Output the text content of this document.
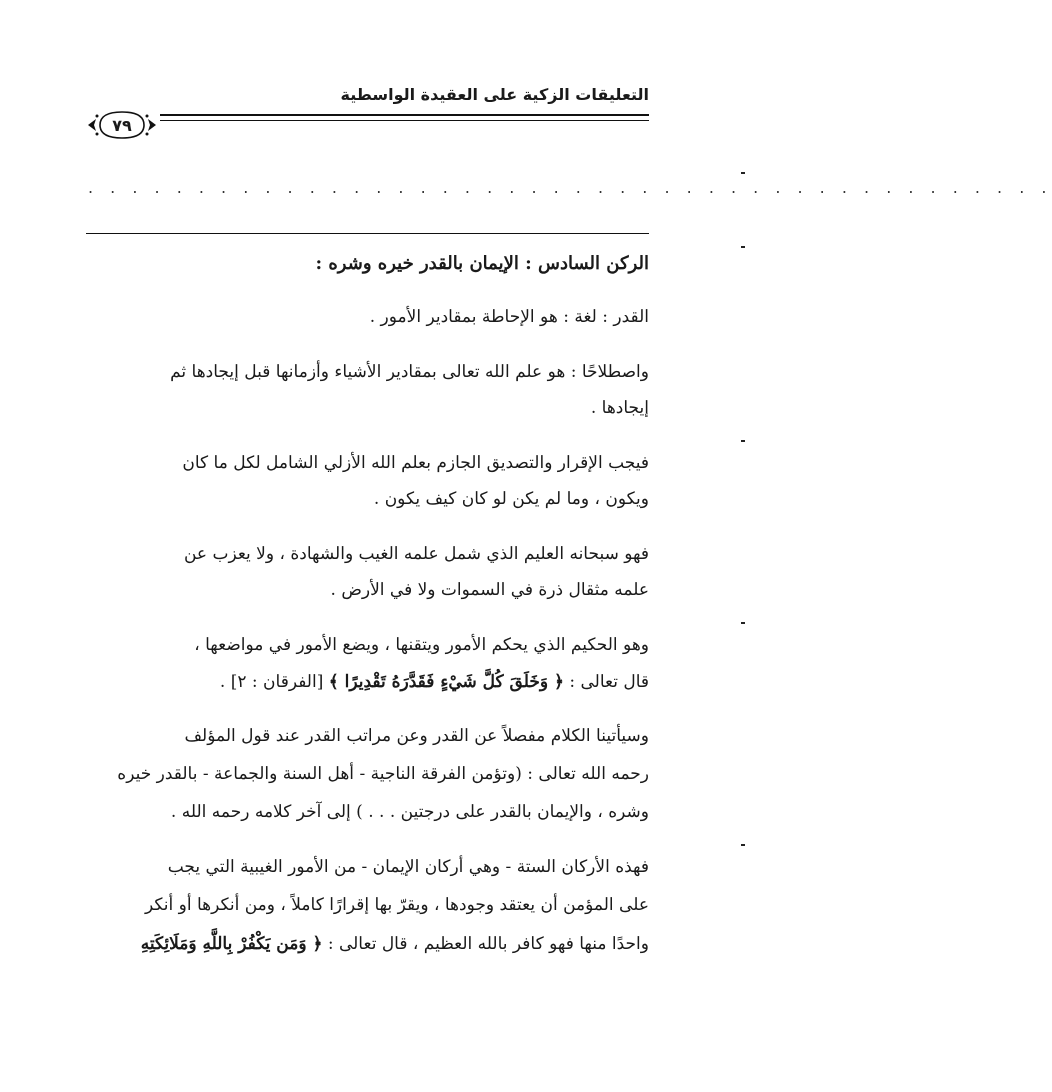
التعليقات الزكية على العقيدة الواسطية
٧٩
. . . . . . . . . . . . . . . . . . . . . . . . . . . . . . . . . . . . . . . . . . . .
الركن السادس : الإيمان بالقدر خيره وشره :
القدر : لغة : هو الإحاطة بمقادير الأمور .
واصطلاحًا : هو علم الله تعالى بمقادير الأشياء وأزمانها قبل إيجادها ثم
إيجادها .
فيجب الإقرار والتصديق الجازم بعلم الله الأزلي الشامل لكل ما كان
ويكون ، وما لم يكن لو كان كيف يكون .
فهو سبحانه العليم الذي شمل علمه الغيب والشهادة ، ولا يعزب عن
علمه مثقال ذرة في السموات ولا في الأرض .
وهو الحكيم الذي يحكم الأمور ويتقنها ، ويضع الأمور في مواضعها ،
قال تعالى : ﴿ وَخَلَقَ كُلَّ شَيْءٍ فَقَدَّرَهُ تَقْدِيرًا ﴾ [الفرقان : ٢] .
وسيأتينا الكلام مفصلاً عن القدر وعن مراتب القدر عند قول المؤلف
رحمه الله تعالى : (وتؤمن الفرقة الناجية - أهل السنة والجماعة - بالقدر خيره
وشره ، والإيمان بالقدر على درجتين . . . ) إلى آخر كلامه رحمه الله .
فهذه الأركان الستة - وهي أركان الإيمان - من الأمور الغيبية التي يجب
على المؤمن أن يعتقد وجودها ، ويقرّ بها إقرارًا كاملاً ، ومن أنكرها أو أنكر
واحدًا منها فهو كافر بالله العظيم ، قال تعالى : ﴿ وَمَن يَكْفُرْ بِاللَّهِ وَمَلَائِكَتِهِ
